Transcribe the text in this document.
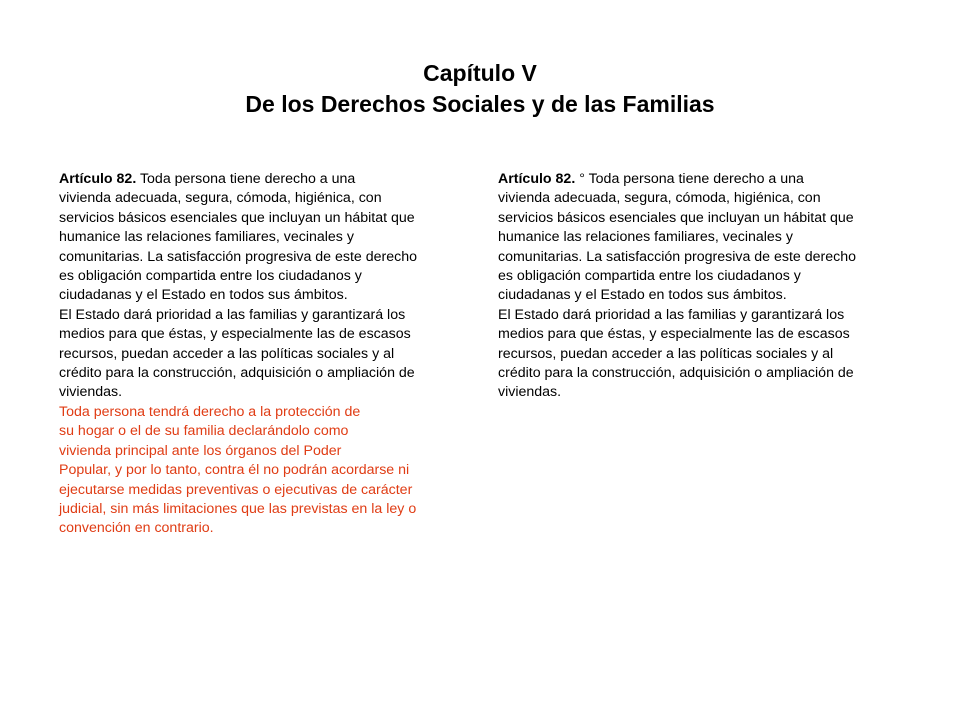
Capítulo V
De los Derechos Sociales y de las Familias
Artículo 82. Toda persona tiene derecho a una
vivienda adecuada, segura, cómoda, higiénica, con
servicios básicos esenciales que incluyan un hábitat que
humanice las relaciones familiares, vecinales y
comunitarias. La satisfacción progresiva de este derecho
es obligación compartida entre los ciudadanos y
ciudadanas y el Estado en todos sus ámbitos.
El Estado dará prioridad a las familias y garantizará los
medios para que éstas, y especialmente las de escasos
recursos, puedan acceder a las políticas sociales y al
crédito para la construcción, adquisición o ampliación de
viviendas.
Toda persona tendrá derecho a la protección de
su hogar o el de su familia declarándolo como
vivienda principal ante los órganos del Poder
Popular, y por lo tanto, contra él no podrán acordarse ni
ejecutarse medidas preventivas o ejecutivas de carácter
judicial, sin más limitaciones que las previstas en la ley o
convención en contrario.
Artículo 82. ° Toda persona tiene derecho a una
vivienda adecuada, segura, cómoda, higiénica, con
servicios básicos esenciales que incluyan un hábitat que
humanice las relaciones familiares, vecinales y
comunitarias. La satisfacción progresiva de este derecho
es obligación compartida entre los ciudadanos y
ciudadanas y el Estado en todos sus ámbitos.
El Estado dará prioridad a las familias y garantizará los
medios para que éstas, y especialmente las de escasos
recursos, puedan acceder a las políticas sociales y al
crédito para la construcción, adquisición o ampliación de
viviendas.
